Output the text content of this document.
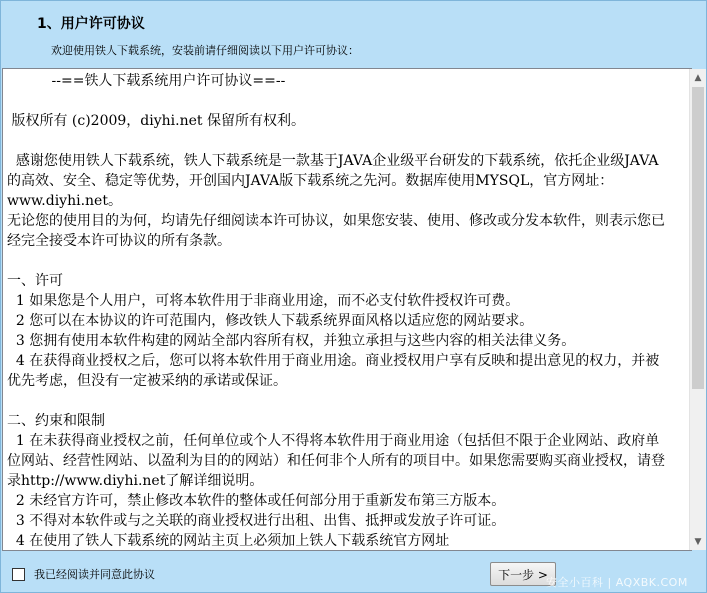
1、用户许可协议
欢迎使用铁人下载系统，安装前请仔细阅读以下用户许可协议：
--==铁人下载系统用户许可协议==--

版权所有 (c)2009，diyhi.net 保留所有权利。

感谢您使用铁人下载系统，铁人下载系统是一款基于JAVA企业级平台研发的下载系统，依托企业级JAVA的高效、安全、稳定等优势，开创国内JAVA版下载系统之先河。数据库使用MYSQL，官方网址：www.diyhi.net。
无论您的使用目的为何，均请先仔细阅读本许可协议，如果您安装、使用、修改或分发本软件，则表示您已经完全接受本许可协议的所有条款。

一、许可
1 如果您是个人用户，可将本软件用于非商业用途，而不必支付软件授权许可费。
2 您可以在本协议的许可范围内，修改铁人下载系统界面风格以适应您的网站要求。
3 您拥有使用本软件构建的网站全部内容所有权，并独立承担与这些内容的相关法律义务。
4 在获得商业授权之后，您可以将本软件用于商业用途。商业授权用户享有反映和提出意见的权力，并被优先考虑，但没有一定被采纳的承诺或保证。

二、约束和限制
1 在未获得商业授权之前，任何单位或个人不得将本软件用于商业用途（包括但不限于企业网站、政府单位网站、经营性网站、以盈利为目的的网站）和任何非个人所有的项目中。如果您需要购买商业授权，请登录http://www.diyhi.net了解详细说明。
2 未经官方许可，禁止修改本软件的整体或任何部分用于重新发布第三方版本。
3 不得对本软件或与之关联的商业授权进行出租、出售、抵押或发放子许可证。
4 在使用了铁人下载系统的网站主页上必须加上铁人下载系统官方网址
▲
▼
我已经阅读并同意此协议	下一步 >
安全小百科 | AQXBK.COM
